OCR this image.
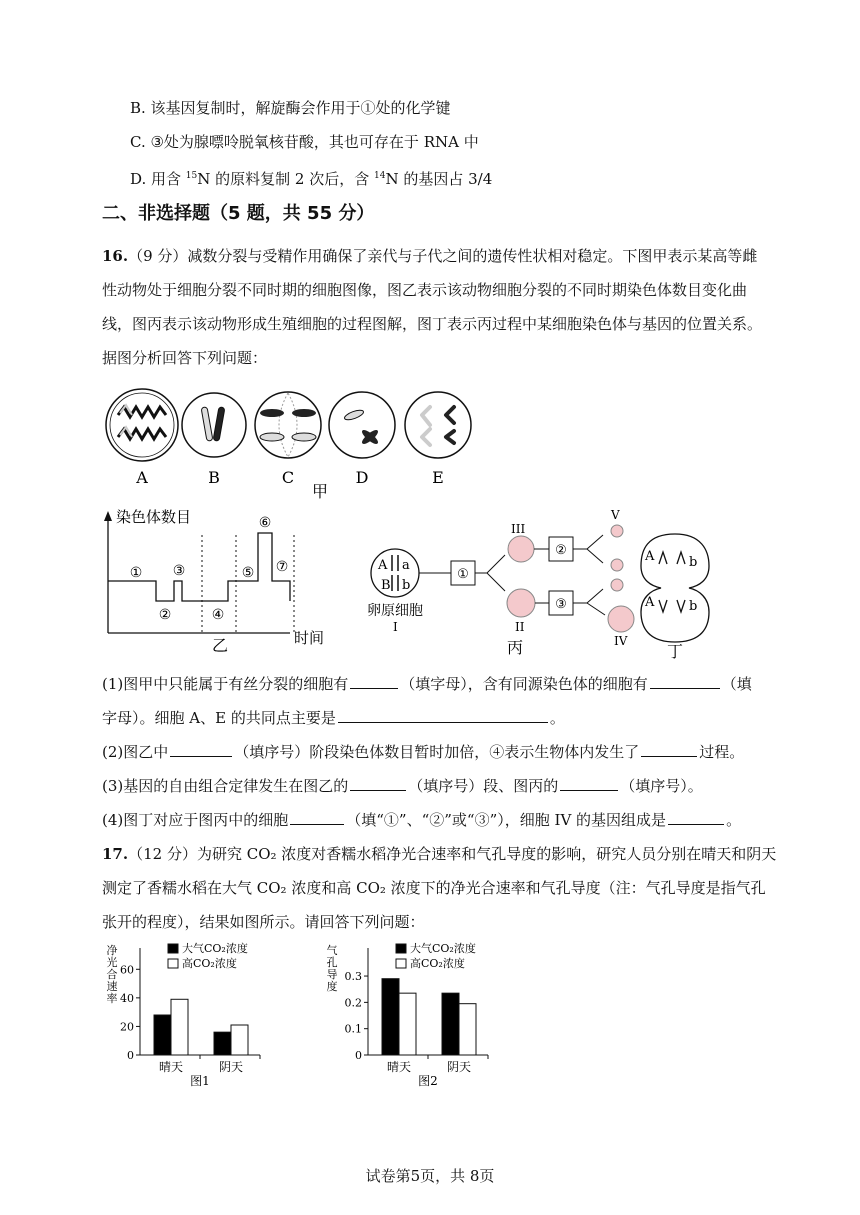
B. 该基因复制时，解旋酶会作用于①处的化学键
C. ③处为腺嘌呤脱氧核苷酸，其也可存在于 RNA 中
D. 用含 $^{15}$N 的原料复制 2 次后，含 $^{14}$N 的基因占 3/4
二、非选择题（5 题，共 55 分）
16.（9 分）减数分裂与受精作用确保了亲代与子代之间的遗传性状相对稳定。下图甲表示某高等雌
性动物处于细胞分裂不同时期的细胞图像，图乙表示该动物细胞分裂的不同时期染色体数目变化曲
线，图丙表示该动物形成生殖细胞的过程图解，图丁表示丙过程中某细胞染色体与基因的位置关系。
据图分析回答下列问题：
A	B	C
甲
D	E
染色体数目
时间
①
②
③
④
⑤
⑥
⑦
乙
A a
B b
卵原细胞
I
①
III
II
②
③
V
IV
丙
A	b
A	b
丁
(1)图甲中只能属于有丝分裂的细胞有	（填字母），含有同源染色体的细胞有	（填
字母）。细胞 A、E 的共同点主要是	。
(2)图乙中	（填序号）阶段染色体数目暂时加倍，④表示生物体内发生了	过程。
(3)基因的自由组合定律发生在图乙的	（填序号）段、图丙的	（填序号）。
(4)图丁对应于图丙中的细胞	（填“①”、“②”或“③”），细胞 IV 的基因组成是	。
17.（12 分）为研究 CO₂ 浓度对香糯水稻净光合速率和气孔导度的影响，研究人员分别在晴天和阴天
测定了香糯水稻在大气 CO₂ 浓度和高 CO₂ 浓度下的净光合速率和气孔导度（注：气孔导度是指气孔
张开的程度），结果如图所示。请回答下列问题：
净光合速率
0
20
40
60
晴天	阴天
大气CO₂浓度
高CO₂浓度
图1
气孔导度
0
0.1
0.2
0.3
晴天	阴天
大气CO₂浓度
高CO₂浓度
图2
试卷第5页，共 8页
